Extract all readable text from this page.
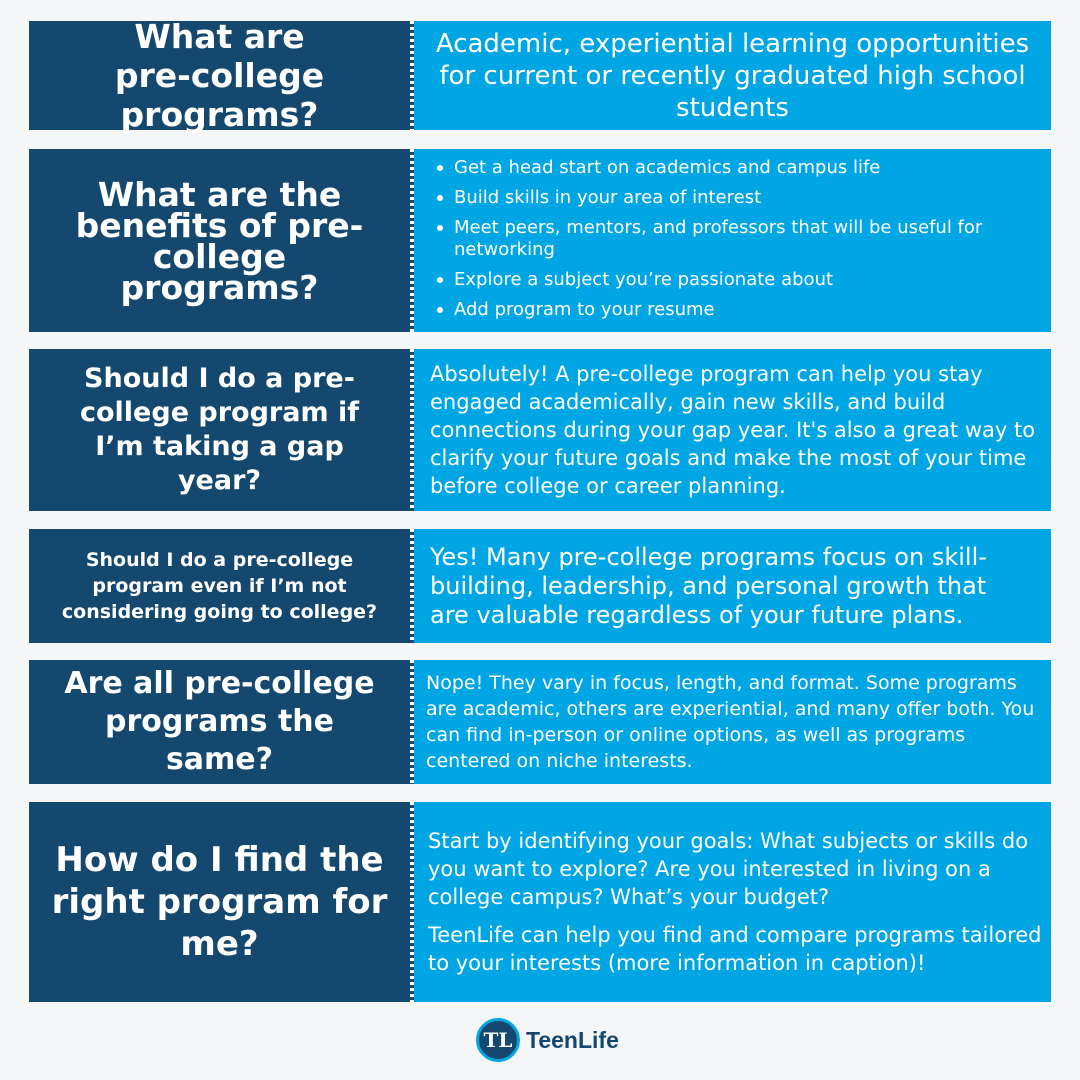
What are pre-college programs?

Academic, experiential learning opportunities for current or recently graduated high school students

What are the benefits of pre-college programs?
Get a head start on academics and campus life
Build skills in your area of interest
Meet peers, mentors, and professors that will be useful for networking
Explore a subject you’re passionate about
Add program to your resume
Should I do a pre-college program if I’m taking a gap year?

Absolutely! A pre-college program can help you stay engaged academically, gain new skills, and build connections during your gap year. It's also a great way to clarify your future goals and make the most of your time before college or career planning.

Should I do a pre-college program even if I’m not considering going to college?

Yes! Many pre-college programs focus on skill-building, leadership, and personal growth that are valuable regardless of your future plans.

Are all pre-college programs the same?

Nope! They vary in focus, length, and format. Some programs are academic, others are experiential, and many offer both. You can find in-person or online options, as well as programs centered on niche interests.

How do I find the right program for me?

Start by identifying your goals: What subjects or skills do you want to explore? Are you interested in living on a college campus? What’s your budget?

TeenLife can help you find and compare programs tailored to your interests (more information in caption)!

TL TeenLife
